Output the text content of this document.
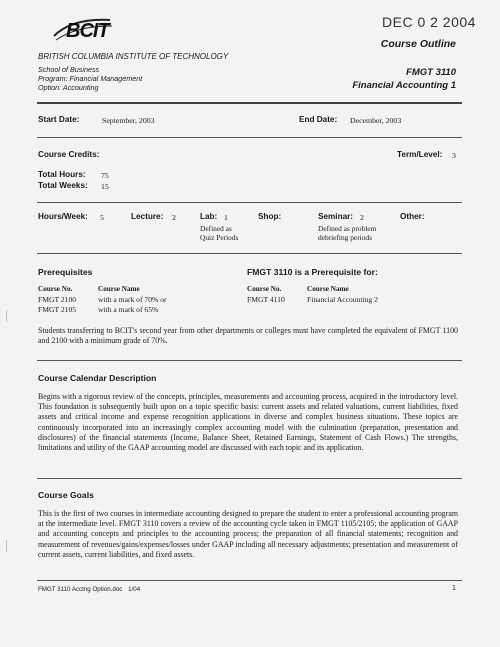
BCIT	DEC 0 2 2004
Course Outline
BRITISH COLUMBIA INSTITUTE OF TECHNOLOGY
School of Business
Program: Financial Management
Option: Accounting
FMGT 3110
Financial Accounting 1
Start Date:	September, 2003	End Date: December, 2003
Course Credits:	Term/Level: 3
Total Hours: 75
Total Weeks: 15
Hours/Week: 5	Lecture: 2	Lab: 1
Defined as
Quiz Periods
Shop:	Seminar: 2
Defined as problem
debriefing periods
Other:
Prerequisites
Course No.	Course Name
FMGT 2100	with a mark of 70% or
FMGT 2105	with a mark of 65%
FMGT 3110 is a Prerequisite for:
Course No.	Course Name
FMGT 4110	Financial Accounting 2
Students transferring to BCIT's second year from other departments or colleges must have completed the equivalent of FMGT 1100 and 2100 with a minimum grade of 70%.
Course Calendar Description
Begins with a rigorous review of the concepts, principles, measurements and accounting process, acquired in the introductory level. This foundation is subsequently built upon on a topic specific basis: current assets and related valuations, current liabilities, fixed assets and critical income and expense recognition applications in diverse and complex business situations. These topics are continuously incorporated into an increasingly complex accounting model with the culmination (preparation, presentation and disclosures) of the financial statements (Income, Balance Sheet, Retained Earnings, Statement of Cash Flows.) The strengths, limitations and utility of the GAAP accounting model are discussed with each topic and its application.
Course Goals
This is the first of two courses in intermediate accounting designed to prepare the student to enter a professional accounting program at the intermediate level. FMGT 3110 covers a review of the accounting cycle taken in FMGT 1105/2105; the application of GAAP and accounting concepts and principles to the accounting process; the preparation of all financial statements; recognition and measurement of revenues/gains/expenses/losses under GAAP including all necessary adjustments; presentation and measurement of current assets, current liabilities, and fixed assets.
FMGT 3110 Acctng Option.doc 1/04	1
